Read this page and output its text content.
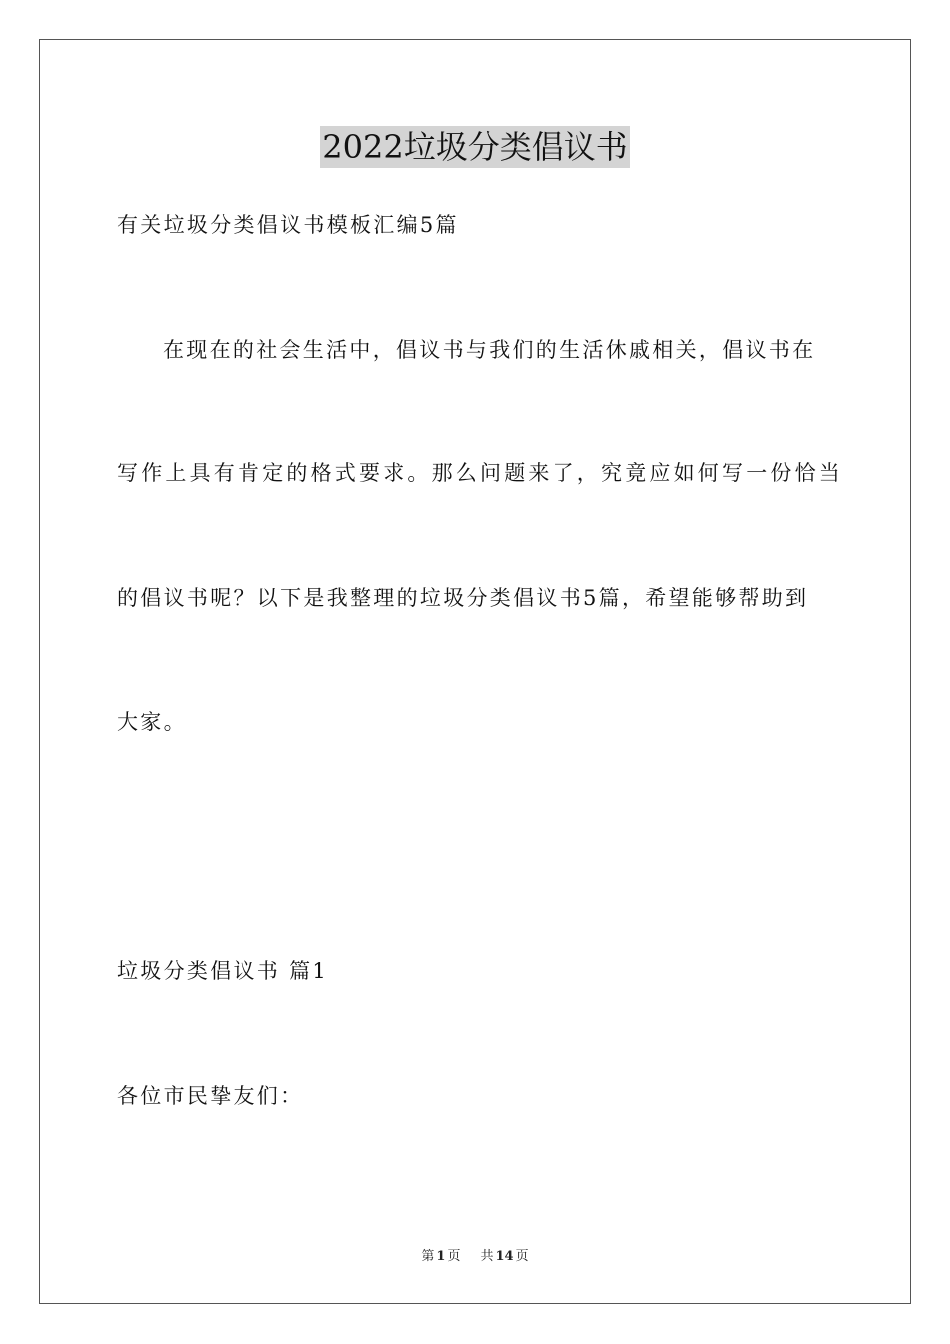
2022垃圾分类倡议书
有关垃圾分类倡议书模板汇编5篇
在现在的社会生活中，倡议书与我们的生活休戚相关，倡议书在
写作上具有肯定的格式要求。那么问题来了，究竟应如何写一份恰当
的倡议书呢？以下是我整理的垃圾分类倡议书5篇，希望能够帮助到
大家。
垃圾分类倡议书 篇1
各位市民挚友们：
第 1 页 共 14 页
